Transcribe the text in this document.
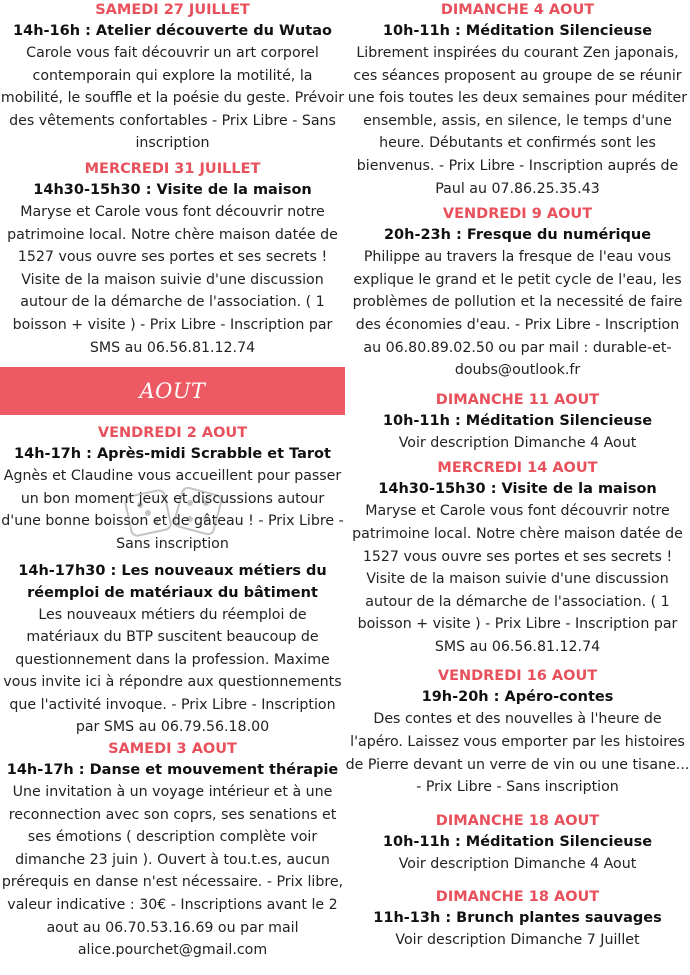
SAMEDI 27 JUILLET

14h-16h : Atelier découverte du Wutao

Carole vous fait découvrir un art corporel contemporain qui explore la motilité, la mobilité, le souffle et la poésie du geste. Prévoir des vêtements confortables - Prix Libre - Sans inscription

MERCREDI 31 JUILLET

14h30-15h30 : Visite de la maison

Maryse et Carole vous font découvrir notre patrimoine local. Notre chère maison datée de 1527 vous ouvre ses portes et ses secrets ! Visite de la maison suivie d'une discussion autour de la démarche de l'association. ( 1 boisson + visite ) - Prix Libre - Inscription par SMS au 06.56.81.12.74

AOUT

VENDREDI 2 AOUT

14h-17h : Après-midi Scrabble et Tarot

Agnès et Claudine vous accueillent pour passer un bon moment jeux et discussions autour d'une bonne boisson et de gâteau ! - Prix Libre - Sans inscription

14h-17h30 : Les nouveaux métiers du réemploi de matériaux du bâtiment

Les nouveaux métiers du réemploi de matériaux du BTP suscitent beaucoup de questionnement dans la profession. Maxime vous invite ici à répondre aux questionnements que l'activité invoque. - Prix Libre - Inscription par SMS au 06.79.56.18.00

SAMEDI 3 AOUT

14h-17h : Danse et mouvement thérapie

Une invitation à un voyage intérieur et à une reconnection avec son coprs, ses senations et ses émotions ( description complète voir dimanche 23 juin ). Ouvert à tou.t.es, aucun prérequis en danse n'est nécessaire. - Prix libre, valeur indicative : 30€ - Inscriptions avant le 2 aout au 06.70.53.16.69 ou par mail alice.pourchet@gmail.com

DIMANCHE 4 AOUT

10h-11h : Méditation Silencieuse

Librement inspirées du courant Zen japonais, ces séances proposent au groupe de se réunir une fois toutes les deux semaines pour méditer ensemble, assis, en silence, le temps d'une heure. Débutants et confirmés sont les bienvenus. - Prix Libre - Inscription auprés de Paul au 07.86.25.35.43

VENDREDI 9 AOUT

20h-23h : Fresque du numérique

Philippe au travers la fresque de l'eau vous explique le grand et le petit cycle de l'eau, les problèmes de pollution et la necessité de faire des économies d'eau. - Prix Libre - Inscription au 06.80.89.02.50 ou par mail : durable-et-doubs@outlook.fr

DIMANCHE 11 AOUT

10h-11h : Méditation Silencieuse

Voir description Dimanche 4 Aout

MERCREDI 14 AOUT

14h30-15h30 : Visite de la maison

Maryse et Carole vous font découvrir notre patrimoine local. Notre chère maison datée de 1527 vous ouvre ses portes et ses secrets ! Visite de la maison suivie d'une discussion autour de la démarche de l'association. ( 1 boisson + visite ) - Prix Libre - Inscription par SMS au 06.56.81.12.74

VENDREDI 16 AOUT

19h-20h : Apéro-contes

Des contes et des nouvelles à l'heure de l'apéro. Laissez vous emporter par les histoires de Pierre devant un verre de vin ou une tisane... - Prix Libre - Sans inscription

DIMANCHE 18 AOUT

10h-11h : Méditation Silencieuse

Voir description Dimanche 4 Aout

DIMANCHE 18 AOUT

11h-13h : Brunch plantes sauvages

Voir description Dimanche 7 Juillet
